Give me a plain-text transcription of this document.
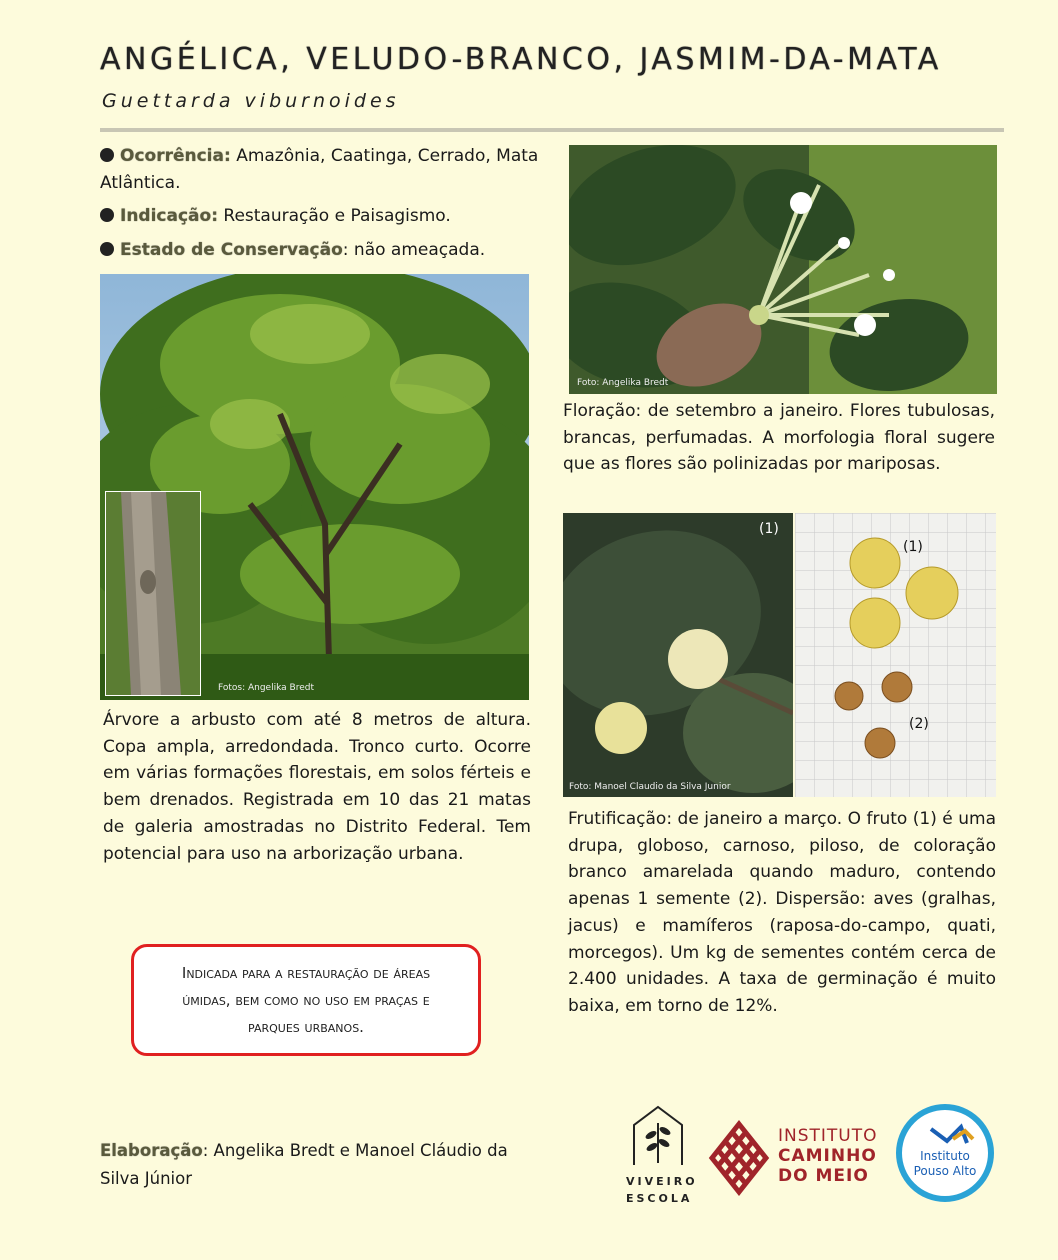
ANGÉLICA, VELUDO-BRANCO, JASMIM-DA-MATA
Guettarda viburnoides
Ocorrência: Amazônia, Caatinga, Cerrado, Mata Atlântica.
Indicação: Restauração e Paisagismo.
Estado de Conservação: não ameaçada.
Fotos: Angelika Bredt
Árvore a arbusto com até 8 metros de altura. Copa ampla, arredondada. Tronco curto. Ocorre em várias formações florestais, em solos férteis e bem drenados. Registrada em 10 das 21 matas de galeria amostradas no Distrito Federal. Tem potencial para uso na arborização urbana.
Indicada para a restauração de áreas úmidas, bem como no uso em praças e parques urbanos.
Foto: Angelika Bredt
Floração: de setembro a janeiro. Flores tubulosas, brancas, perfumadas. A morfologia floral sugere que as flores são polinizadas por mariposas.
(1)
Foto: Manoel Claudio da Silva Junior
(1)
(2)
Frutificação: de janeiro a março. O fruto (1) é uma drupa, globoso, carnoso, piloso, de coloração branco amarelada quando maduro, contendo apenas 1 semente (2). Dispersão: aves (gralhas, jacus) e mamíferos (raposa-do-campo, quati, morcegos). Um kg de sementes contém cerca de 2.400 unidades. A taxa de germinação é muito baixa, em torno de 12%.
Elaboração: Angelika Bredt e Manoel Cláudio da Silva Júnior	VIVEIRO
ESCOLA
INSTITUTO
CAMINHO
DO MEIO
Instituto
Pouso Alto
